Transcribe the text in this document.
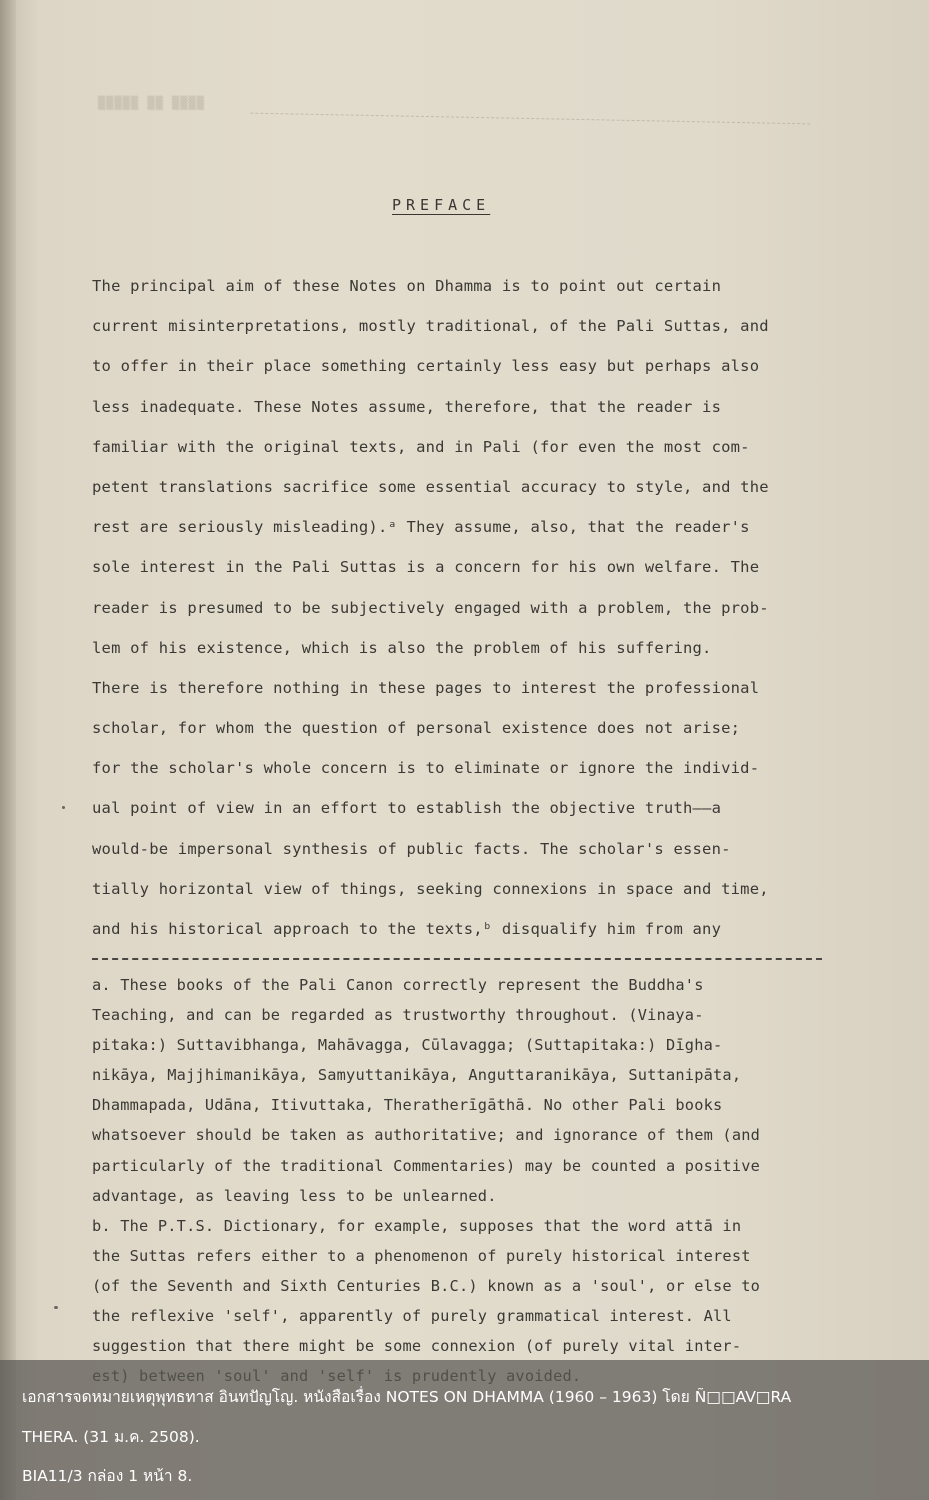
▒▒▒▒▒ ▒▒ ▒▒▒▒
PREFACE
The principal aim of these Notes on Dhamma is to point out certain
current misinterpretations, mostly traditional, of the Pali Suttas, and
to offer in their place something certainly less easy but perhaps also
less inadequate. These Notes assume, therefore, that the reader is
familiar with the original texts, and in Pali (for even the most com-
petent translations sacrifice some essential accuracy to style, and the
rest are seriously misleading).ᵃ They assume, also, that the reader's
sole interest in the Pali Suttas is a concern for his own welfare. The
reader is presumed to be subjectively engaged with a problem, the prob-
lem of his existence, which is also the problem of his suffering.
There is therefore nothing in these pages to interest the professional
scholar, for whom the question of personal existence does not arise;
for the scholar's whole concern is to eliminate or ignore the individ-
ual point of view in an effort to establish the objective truth——a
would-be impersonal synthesis of public facts. The scholar's essen-
tially horizontal view of things, seeking connexions in space and time,
and his historical approach to the texts,ᵇ disqualify him from any
a. These books of the Pali Canon correctly represent the Buddha's
Teaching, and can be regarded as trustworthy throughout. (Vinaya-
pitaka:) Suttavibhanga, Mahāvagga, Cūlavagga; (Suttapitaka:) Dīgha-
nikāya, Majjhimanikāya, Samyuttanikāya, Anguttaranikāya, Suttanipāta,
Dhammapada, Udāna, Itivuttaka, Theratherīgāthā. No other Pali books
whatsoever should be taken as authoritative; and ignorance of them (and
particularly of the traditional Commentaries) may be counted a positive
advantage, as leaving less to be unlearned.
b. The P.T.S. Dictionary, for example, supposes that the word attā in
the Suttas refers either to a phenomenon of purely historical interest
(of the Seventh and Sixth Centuries B.C.) known as a 'soul', or else to
the reflexive 'self', apparently of purely grammatical interest. All
suggestion that there might be some connexion (of purely vital inter-
เอกสารจดหมายเหตุพุทธทาส อินทปัญโญ. หนังสือเรื่อง NOTES ON DHAMMA (1960 – 1963) โดย Ñ□□AV□RA
THERA. (31 ม.ค. 2508).
BIA11/3 กล่อง 1 หน้า 8.
